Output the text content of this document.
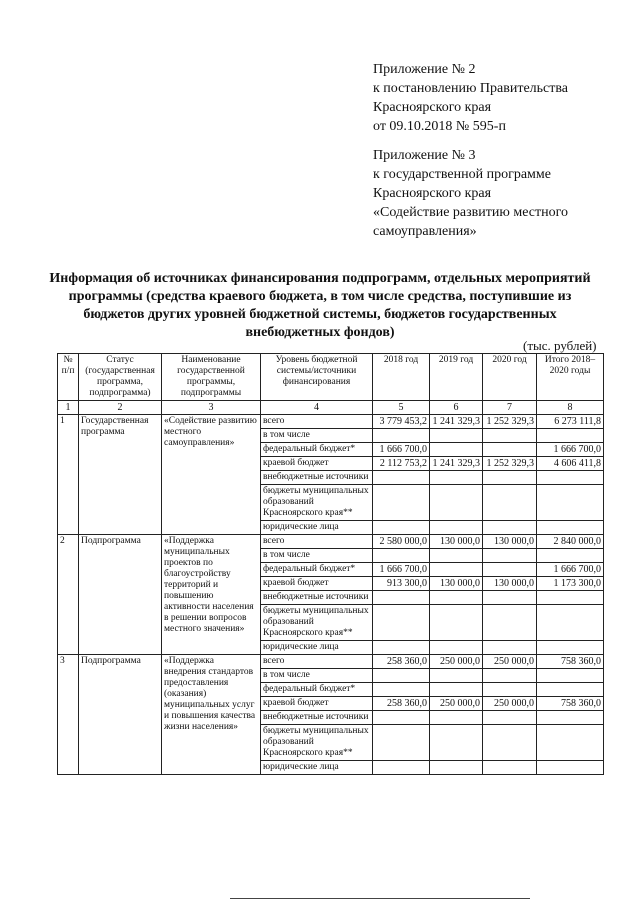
Приложение № 2
к постановлению Правительства
Красноярского края
от 09.10.2018 № 595-п
Приложение № 3
к государственной программе
Красноярского края
«Содействие развитию местного
самоуправления»
Информация об источниках финансирования подпрограмм, отдельных мероприятий программы (средства краевого бюджета, в том числе средства, поступившие из бюджетов других уровней бюджетной системы, бюджетов государственных внебюджетных фондов)
(тыс. рублей)
№ п/п	Статус (государственная программа, подпрограмма)	Наименование государственной программы, подпрограммы	Уровень бюджетной системы/источники финансирования	2018 год	2019 год	2020 год	Итого 2018–2020 годы
1	2	3	4	5	6	7	8
1	Государственная программа	«Содействие развитию местного самоуправления»	всего	3 779 453,2	1 241 329,3	1 252 329,3	6 273 111,8
			в том числе				
			федеральный бюджет*	1 666 700,0			1 666 700,0
			краевой бюджет	2 112 753,2	1 241 329,3	1 252 329,3	4 606 411,8
			внебюджетные источники				
			бюджеты муниципальных образований Красноярского края**				
			юридические лица				
2	Подпрограмма	«Поддержка муниципальных проектов по благоустройству территорий и повышению активности населения в решении вопросов местного значения»	всего	2 580 000,0	130 000,0	130 000,0	2 840 000,0
			в том числе				
			федеральный бюджет*	1 666 700,0			1 666 700,0
			краевой бюджет	913 300,0	130 000,0	130 000,0	1 173 300,0
			внебюджетные источники				
			бюджеты муниципальных образований Красноярского края**				
			юридические лица				
3	Подпрограмма	«Поддержка внедрения стандартов предоставления (оказания) муниципальных услуг и повышения качества жизни населения»	всего	258 360,0	250 000,0	250 000,0	758 360,0
			в том числе				
			федеральный бюджет*				
			краевой бюджет	258 360,0	250 000,0	250 000,0	758 360,0
			внебюджетные источники				
			бюджеты муниципальных образований Красноярского края**				
			юридические лица				
